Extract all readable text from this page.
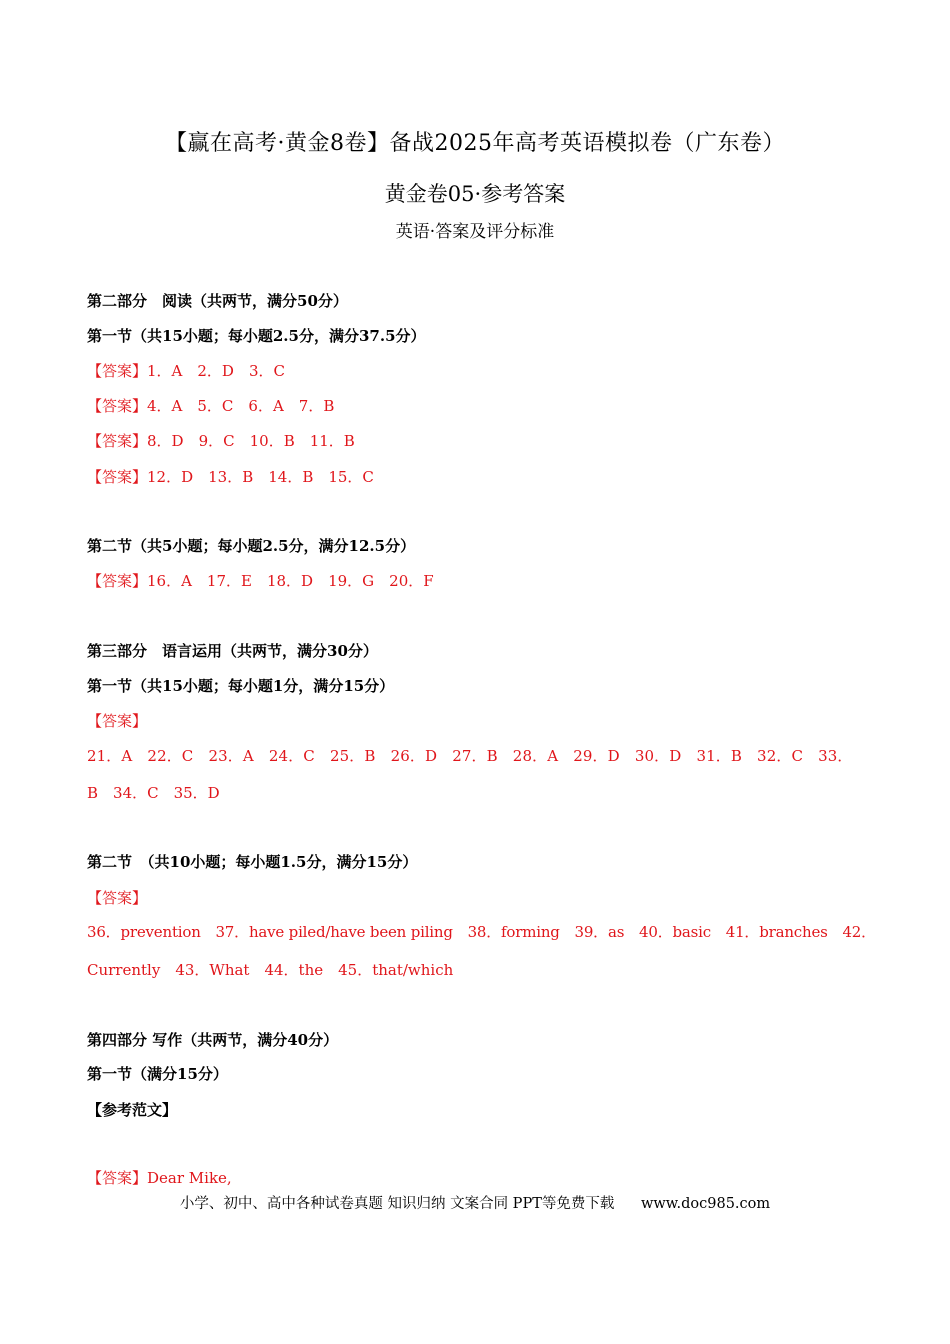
【赢在高考·黄金8卷】备战2025年高考英语模拟卷（广东卷）
黄金卷05·参考答案
英语·答案及评分标准
第二部分　阅读（共两节，满分50分）
第一节（共15小题；每小题2.5分，满分37.5分）
【答案】1．A　2．D　3．C
【答案】4．A　5．C　6．A　7．B
【答案】8．D　9．C　10．B　11．B
【答案】12．D　13．B　14．B　15．C
第二节（共5小题；每小题2.5分，满分12.5分）
【答案】16．A　17．E　18．D　19．G　20．F
第三部分　语言运用（共两节，满分30分）
第一节（共15小题；每小题1分，满分15分）
【答案】
21．A　22．C　23．A　24．C　25．B　26．D　27．B　28．A　29．D　30．D　31．B　32．C　33．
B　34．C　35．D
第二节　（共10小题；每小题1.5分，满分15分）
【答案】
36．prevention　37．have piled/have been piling　38．forming　39．as　40．basic　41．branches　42．
Currently　43．What　44．the　45．that/which
第四部分 写作（共两节，满分40分）
第一节（满分15分）
【参考范文】
【答案】Dear Mike,
小学、初中、高中各种试卷真题 知识归纳 文案合同 PPT等免费下载 www.doc985.com
